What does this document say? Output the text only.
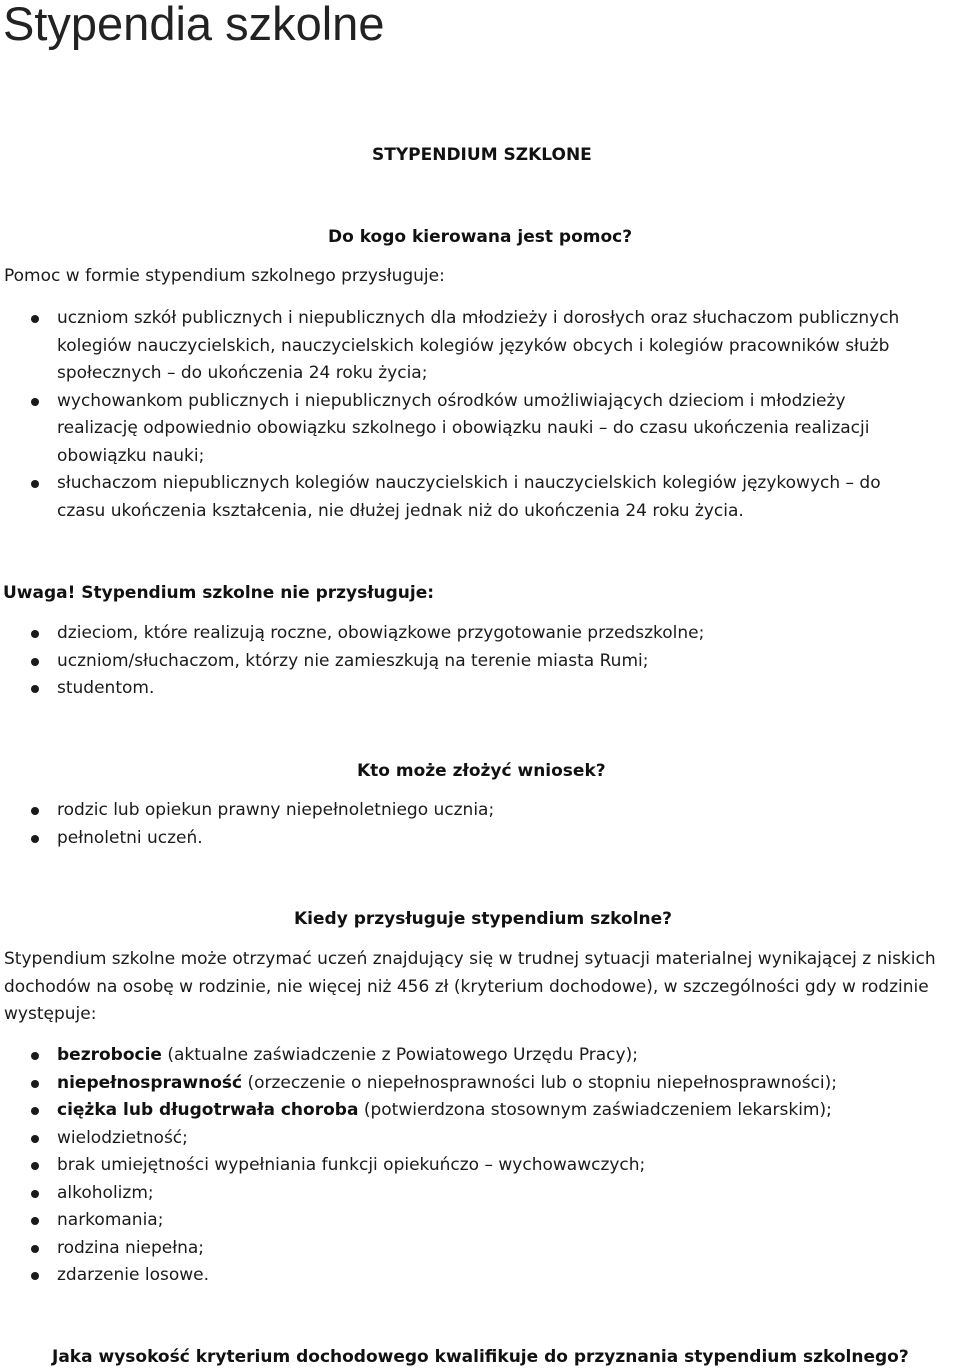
Stypendia szkolne
STYPENDIUM SZKLONE
Do kogo kierowana jest pomoc?

Pomoc w formie stypendium szkolnego przysługuje:

uczniom szkół publicznych i niepublicznych dla młodzieży i dorosłych oraz słuchaczom publicznych kolegiów nauczycielskich, nauczycielskich kolegiów języków obcych i kolegiów pracowników służb społecznych – do ukończenia 24 roku życia;
wychowankom publicznych i niepublicznych ośrodków umożliwiających dzieciom i młodzieży realizację odpowiednio obowiązku szkolnego i obowiązku nauki – do czasu ukończenia realizacji obowiązku nauki;
słuchaczom niepublicznych kolegiów nauczycielskich i nauczycielskich kolegiów językowych – do czasu ukończenia kształcenia, nie dłużej jednak niż do ukończenia 24 roku życia.
Uwaga! Stypendium szkolne nie przysługuje:
dzieciom, które realizują roczne, obowiązkowe przygotowanie przedszkolne;
uczniom/słuchaczom, którzy nie zamieszkują na terenie miasta Rumi;
studentom.
Kto może złożyć wniosek?
rodzic lub opiekun prawny niepełnoletniego ucznia;
pełnoletni uczeń.
Kiedy przysługuje stypendium szkolne?

Stypendium szkolne może otrzymać uczeń znajdujący się w trudnej sytuacji materialnej wynikającej z niskich dochodów na osobę w rodzinie, nie więcej niż 456 zł (kryterium dochodowe), w szczególności gdy w rodzinie występuje:

bezrobocie (aktualne zaświadczenie z Powiatowego Urzędu Pracy);
niepełnosprawność (orzeczenie o niepełnosprawności lub o stopniu niepełnosprawności);
ciężka lub długotrwała choroba (potwierdzona stosownym zaświadczeniem lekarskim);
wielodzietność;
brak umiejętności wypełniania funkcji opiekuńczo – wychowawczych;
alkoholizm;
narkomania;
rodzina niepełna;
zdarzenie losowe.
Jaka wysokość kryterium dochodowego kwalifikuje do przyznania stypendium szkolnego?
